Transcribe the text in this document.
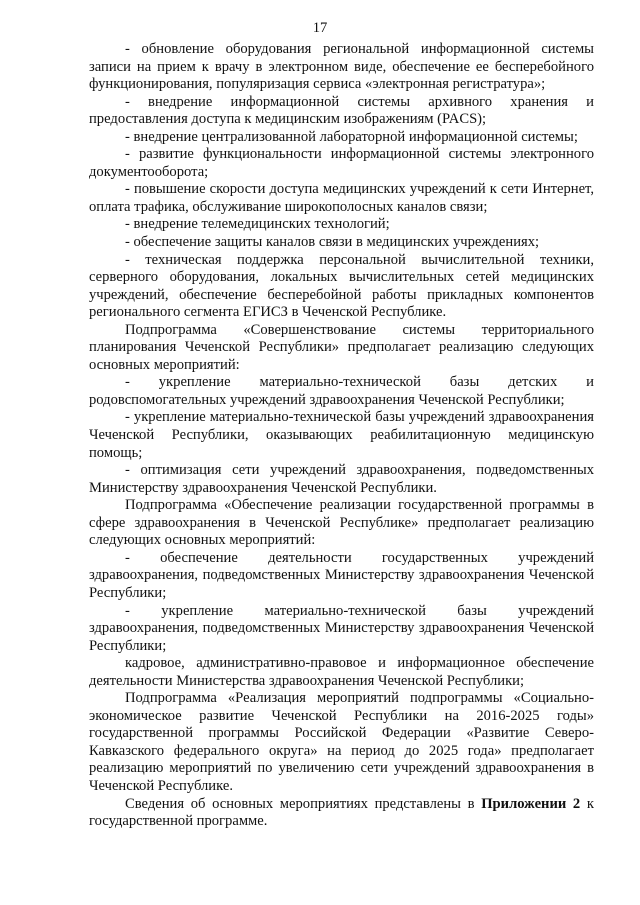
17

- обновление оборудования региональной информационной системы записи на прием к врачу в электронном виде, обеспечение ее бесперебойного функционирования, популяризация сервиса «электронная регистратура»;

- внедрение информационной системы архивного хранения и предоставления доступа к медицинским изображениям (PACS);

- внедрение централизованной лабораторной информационной системы;

- развитие функциональности информационной системы электронного документооборота;

- повышение скорости доступа медицинских учреждений к сети Интернет, оплата трафика, обслуживание широкополосных каналов связи;

- внедрение телемедицинских технологий;

- обеспечение защиты каналов связи в медицинских учреждениях;

- техническая поддержка персональной вычислительной техники, серверного оборудования, локальных вычислительных сетей медицинских учреждений, обеспечение бесперебойной работы прикладных компонентов регионального сегмента ЕГИСЗ в Чеченской Республике.

Подпрограмма «Совершенствование системы территориального планирования Чеченской Республики» предполагает реализацию следующих основных мероприятий:

- укрепление материально-технической базы детских и родовспомогательных учреждений здравоохранения Чеченской Республики;

- укрепление материально-технической базы учреждений здравоохранения Чеченской Республики, оказывающих реабилитационную медицинскую помощь;

- оптимизация сети учреждений здравоохранения, подведомственных Министерству здравоохранения Чеченской Республики.

Подпрограмма «Обеспечение реализации государственной программы в сфере здравоохранения в Чеченской Республике» предполагает реализацию следующих основных мероприятий:

- обеспечение деятельности государственных учреждений здравоохранения, подведомственных Министерству здравоохранения Чеченской Республики;

- укрепление материально-технической базы учреждений здравоохранения, подведомственных Министерству здравоохранения Чеченской Республики;

кадровое, административно-правовое и информационное обеспечение деятельности Министерства здравоохранения Чеченской Республики;

Подпрограмма «Реализация мероприятий подпрограммы «Социально-экономическое развитие Чеченской Республики на 2016-2025 годы» государственной программы Российской Федерации «Развитие Северо-Кавказского федерального округа» на период до 2025 года» предполагает реализацию мероприятий по увеличению сети учреждений здравоохранения в Чеченской Республике.

Сведения об основных мероприятиях представлены в Приложении 2 к государственной программе.
